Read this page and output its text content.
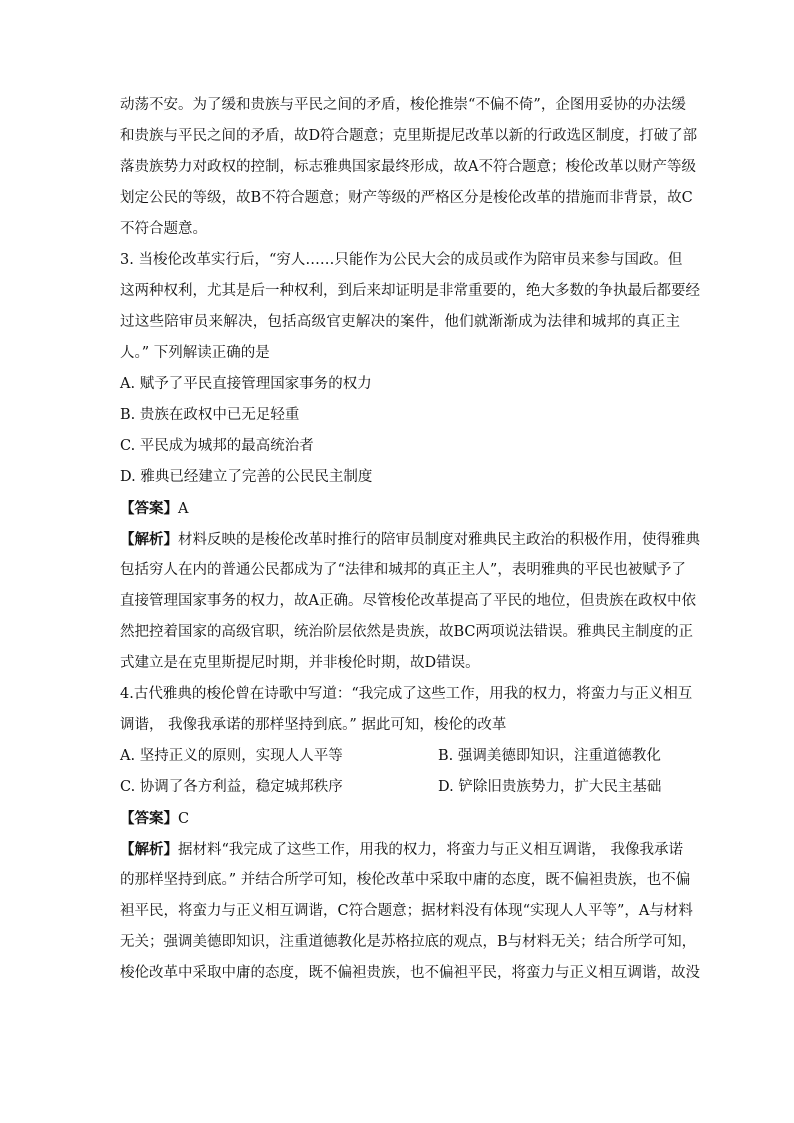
动荡不安。为了缓和贵族与平民之间的矛盾，梭伦推崇“不偏不倚”，企图用妥协的办法缓
和贵族与平民之间的矛盾，故D符合题意；克里斯提尼改革以新的行政选区制度，打破了部
落贵族势力对政权的控制，标志雅典国家最终形成，故A不符合题意；梭伦改革以财产等级
划定公民的等级，故B不符合题意；财产等级的严格区分是梭伦改革的措施而非背景，故C
不符合题意。
3. 当梭伦改革实行后，“穷人……只能作为公民大会的成员或作为陪审员来参与国政。但
这两种权利，尤其是后一种权利，到后来却证明是非常重要的，绝大多数的争执最后都要经
过这些陪审员来解决，包括高级官吏解决的案件，他们就渐渐成为法律和城邦的真正主
人。” 下列解读正确的是
A. 赋予了平民直接管理国家事务的权力
B. 贵族在政权中已无足轻重
C. 平民成为城邦的最高统治者
D. 雅典已经建立了完善的公民民主制度
【答案】A
【解析】材料反映的是梭伦改革时推行的陪审员制度对雅典民主政治的积极作用，使得雅典
包括穷人在内的普通公民都成为了“法律和城邦的真正主人”，表明雅典的平民也被赋予了
直接管理国家事务的权力，故A正确。尽管梭伦改革提高了平民的地位，但贵族在政权中依
然把控着国家的高级官职，统治阶层依然是贵族，故BC两项说法错误。雅典民主制度的正
式建立是在克里斯提尼时期，并非梭伦时期，故D错误。
4.古代雅典的梭伦曾在诗歌中写道：“我完成了这些工作，用我的权力，将蛮力与正义相互
调谐， 我像我承诺的那样坚持到底。” 据此可知，梭伦的改革
A. 坚持正义的原则，实现人人平等	B. 强调美德即知识，注重道德教化
C. 协调了各方利益，稳定城邦秩序	D. 铲除旧贵族势力，扩大民主基础
【答案】C
【解析】据材料“我完成了这些工作，用我的权力，将蛮力与正义相互调谐， 我像我承诺
的那样坚持到底。” 并结合所学可知，梭伦改革中采取中庸的态度，既不偏袒贵族，也不偏
袒平民，将蛮力与正义相互调谐，C符合题意；据材料没有体现“实现人人平等”，A与材料
无关；强调美德即知识，注重道德教化是苏格拉底的观点，B与材料无关；结合所学可知，
梭伦改革中采取中庸的态度，既不偏袒贵族，也不偏袒平民，将蛮力与正义相互调谐，故没
